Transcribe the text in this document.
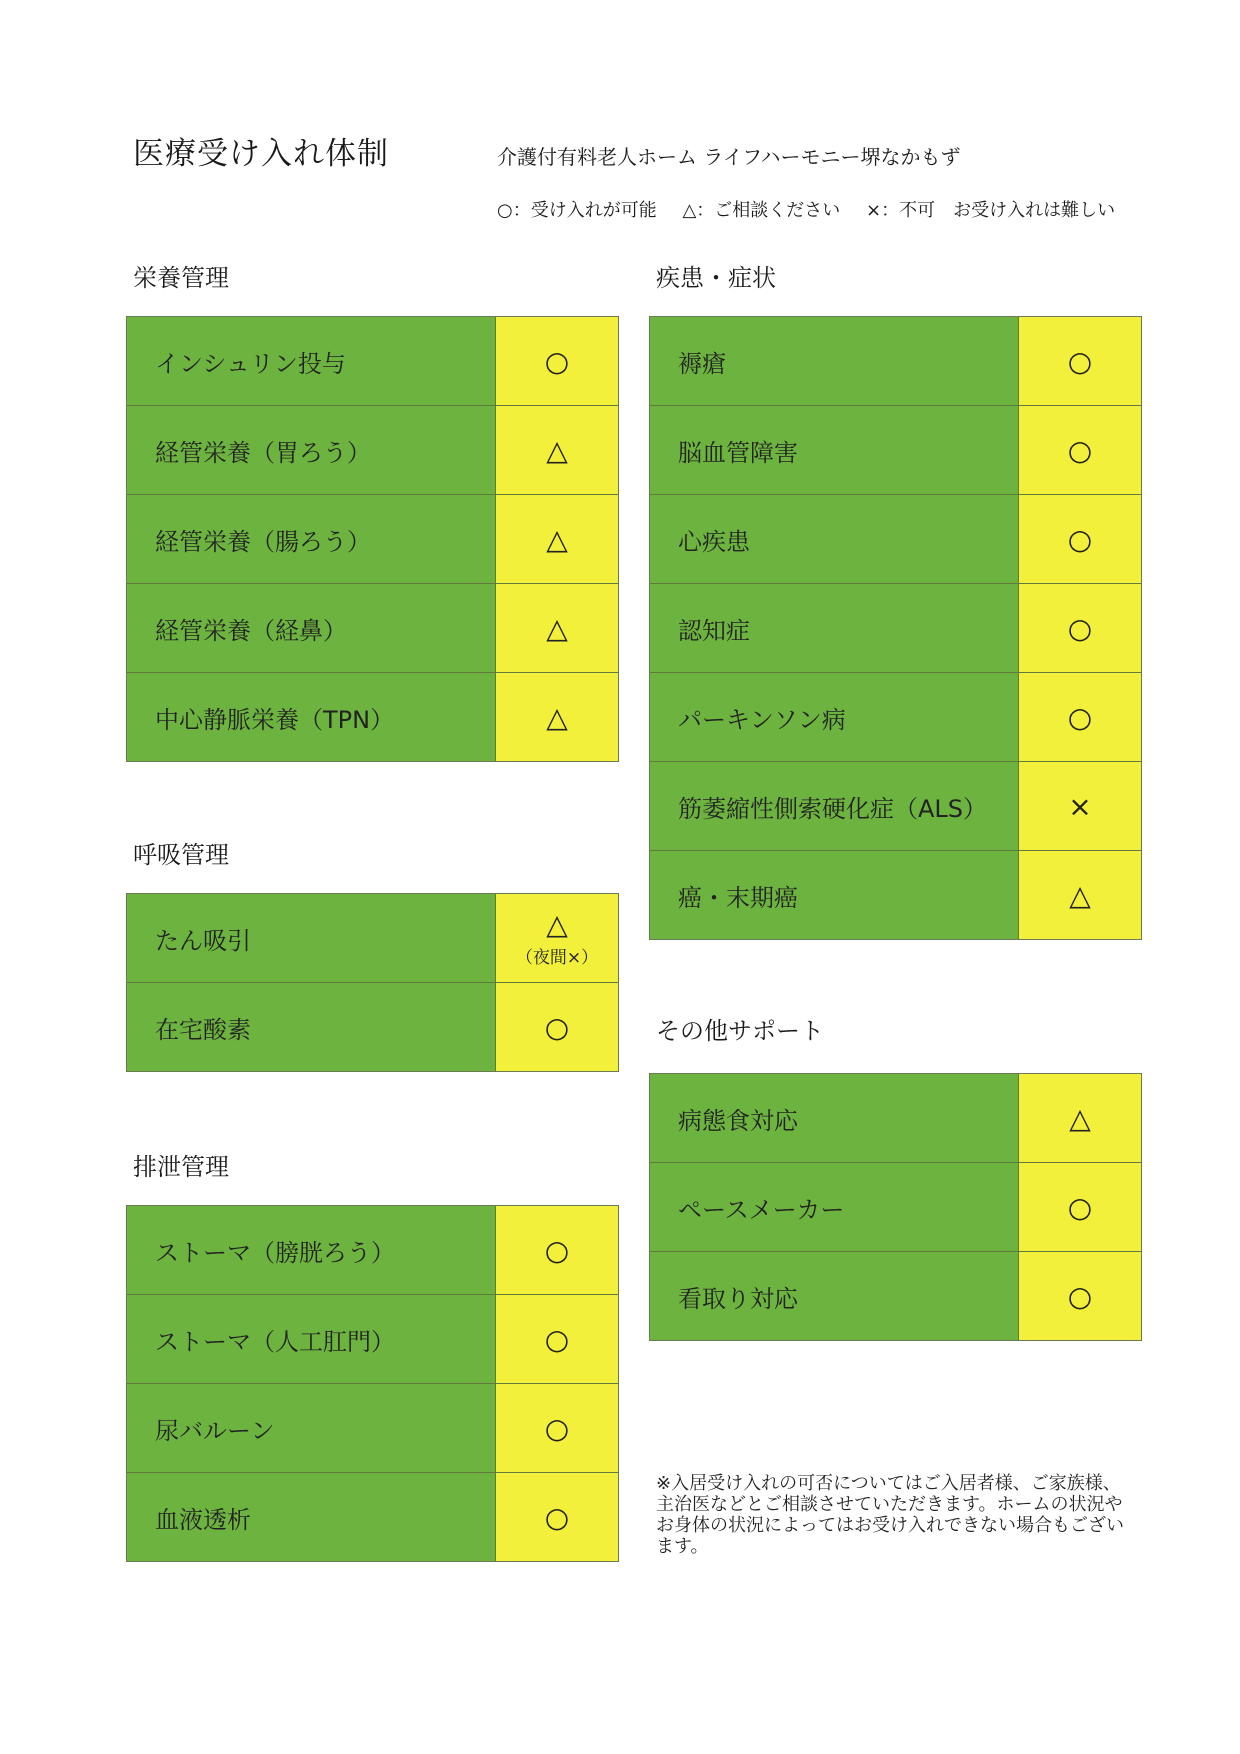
医療受け入れ体制	介護付有料老人ホーム ライフハーモニー堺なかもず
○：受け入れが可能 △：ご相談ください ×：不可　お受け入れは難しい
栄養管理
インシュリン投与	○
経管栄養（胃ろう）	△
経管栄養（腸ろう）	△
経管栄養（経鼻）	△
中心静脈栄養（TPN）	△
呼吸管理
たん吸引	△
（夜間×）
在宅酸素	○
排泄管理
ストーマ（膀胱ろう）	○
ストーマ（人工肛門）	○
尿バルーン	○
血液透析	○
疾患・症状
褥瘡	○
脳血管障害	○
心疾患	○
認知症	○
パーキンソン病	○
筋萎縮性側索硬化症（ALS）	×
癌・末期癌	△
その他サポート
病態食対応	△
ペースメーカー	○
看取り対応	○
※入居受け入れの可否についてはご入居者様、ご家族様、主治医などとご相談させていただきます。ホームの状況やお身体の状況によってはお受け入れできない場合もございます。
